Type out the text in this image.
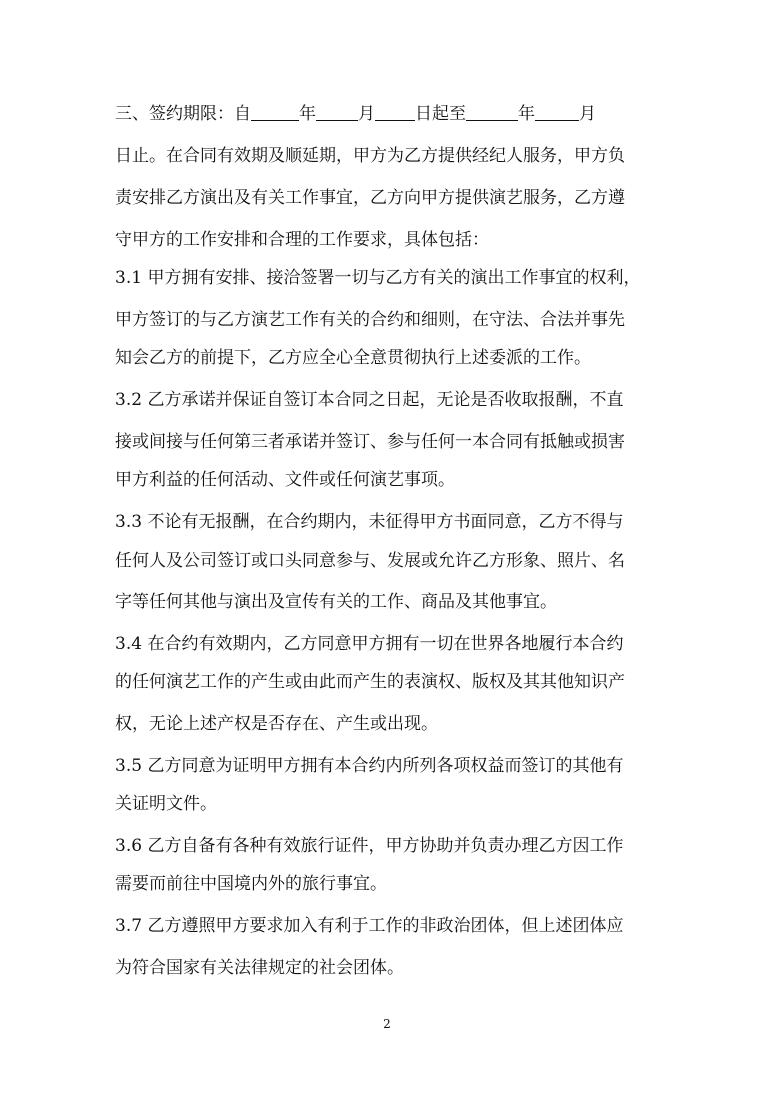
三、签约期限：自	年 月 日起至	年	月
日止。在合同有效期及顺延期，甲方为乙方提供经纪人服务，甲方负
责安排乙方演出及有关工作事宜，乙方向甲方提供演艺服务，乙方遵
守甲方的工作安排和合理的工作要求，具体包括：
3.1 甲方拥有安排、接洽签署一切与乙方有关的演出工作事宜的权利，
甲方签订的与乙方演艺工作有关的合约和细则，在守法、合法并事先
知会乙方的前提下，乙方应全心全意贯彻执行上述委派的工作。
3.2 乙方承诺并保证自签订本合同之日起，无论是否收取报酬，不直
接或间接与任何第三者承诺并签订、参与任何一本合同有抵触或损害
甲方利益的任何活动、文件或任何演艺事项。
3.3 不论有无报酬，在合约期内，未征得甲方书面同意，乙方不得与
任何人及公司签订或口头同意参与、发展或允许乙方形象、照片、名
字等任何其他与演出及宣传有关的工作、商品及其他事宜。
3.4 在合约有效期内，乙方同意甲方拥有一切在世界各地履行本合约
的任何演艺工作的产生或由此而产生的表演权、版权及其其他知识产
权，无论上述产权是否存在、产生或出现。
3.5 乙方同意为证明甲方拥有本合约内所列各项权益而签订的其他有
关证明文件。
3.6 乙方自备有各种有效旅行证件，甲方协助并负责办理乙方因工作
需要而前往中国境内外的旅行事宜。
3.7 乙方遵照甲方要求加入有利于工作的非政治团体，但上述团体应
为符合国家有关法律规定的社会团体。
2
